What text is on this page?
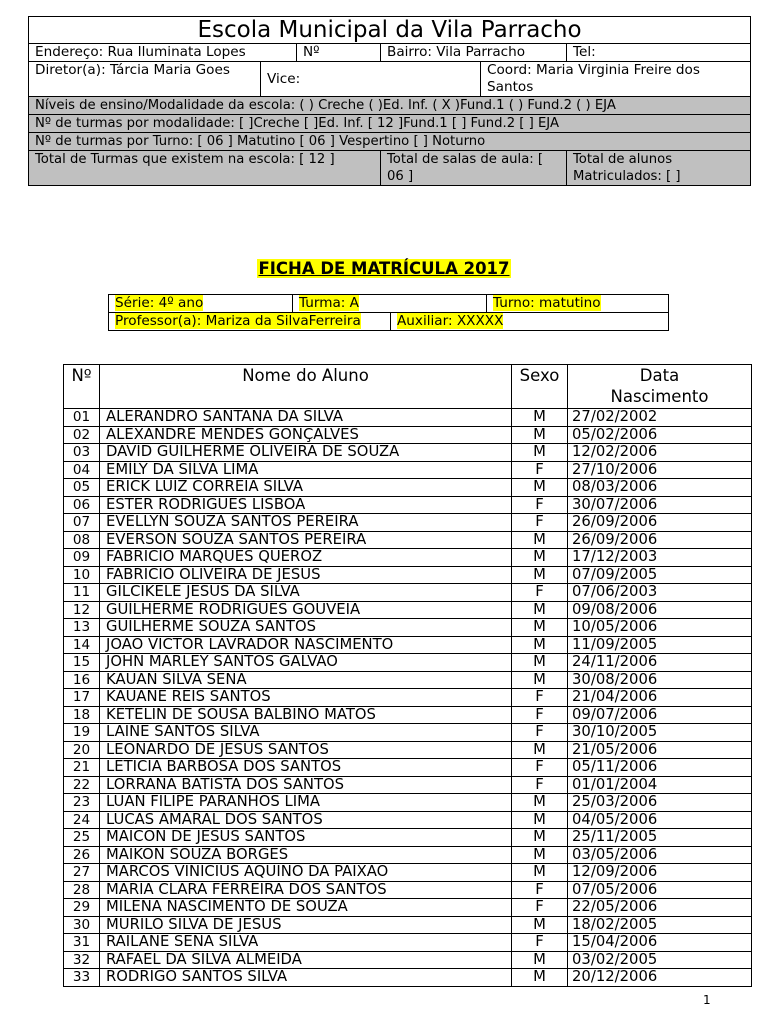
Escola Municipal da Vila Parracho					
Endereço: Rua Iluminata Lopes		Nº	Bairro: Vila Parracho		Tel:
Diretor(a): Tárcia Maria Goes	Vice:			Coord: Maria Virginia Freire dos Santos	
Níveis de ensino/Modalidade da escola: ( ) Creche ( )Ed. Inf. ( X )Fund.1 ( ) Fund.2 ( ) EJA					
Nº de turmas por modalidade: [ ]Creche [ ]Ed. Inf. [ 12 ]Fund.1 [ ] Fund.2 [ ] EJA					
Nº de turmas por Turno: [ 06 ] Matutino [ 06 ] Vespertino [ ] Noturno					
Total de Turmas que existem na escola: [ 12 ]			Total de salas de aula: [ 06 ]		Total de alunos Matriculados: [ ]
FICHA DE MATRÍCULA 2017
Série: 4º ano	Turma: A		Turno: matutino
Professor(a): Mariza da SilvaFerreira		Auxiliar: XXXXX	
Nº	Nome do Aluno	Sexo	Data Nascimento
01	ALERANDRO SANTANA DA SILVA	M	27/02/2002
02	ALEXANDRE MENDES GONÇALVES	M	05/02/2006
03	DAVID GUILHERME OLIVEIRA DE SOUZA	M	12/02/2006
04	EMILY DA SILVA LIMA	F	27/10/2006
05	ERICK LUIZ CORREIA SILVA	M	08/03/2006
06	ESTER RODRIGUES LISBOA	F	30/07/2006
07	EVELLYN SOUZA SANTOS PEREIRA	F	26/09/2006
08	EVERSON SOUZA SANTOS PEREIRA	M	26/09/2006
09	FABRICIO MARQUES QUEROZ	M	17/12/2003
10	FABRICIO OLIVEIRA DE JESUS	M	07/09/2005
11	GILCIKELE JESUS DA SILVA	F	07/06/2003
12	GUILHERME RODRIGUES GOUVEIA	M	09/08/2006
13	GUILHERME SOUZA SANTOS	M	10/05/2006
14	JOAO VICTOR LAVRADOR NASCIMENTO	M	11/09/2005
15	JOHN MARLEY SANTOS GALVAO	M	24/11/2006
16	KAUAN SILVA SENA	M	30/08/2006
17	KAUANE REIS SANTOS	F	21/04/2006
18	KETELIN DE SOUSA BALBINO MATOS	F	09/07/2006
19	LAINE SANTOS SILVA	F	30/10/2005
20	LEONARDO DE JESUS SANTOS	M	21/05/2006
21	LETICIA BARBOSA DOS SANTOS	F	05/11/2006
22	LORRANA BATISTA DOS SANTOS	F	01/01/2004
23	LUAN FILIPE PARANHOS LIMA	M	25/03/2006
24	LUCAS AMARAL DOS SANTOS	M	04/05/2006
25	MAICON DE JESUS SANTOS	M	25/11/2005
26	MAIKON SOUZA BORGES	M	03/05/2006
27	MARCOS VINICIUS AQUINO DA PAIXAO	M	12/09/2006
28	MARIA CLARA FERREIRA DOS SANTOS	F	07/05/2006
29	MILENA NASCIMENTO DE SOUZA	F	22/05/2006
30	MURILO SILVA DE JESUS	M	18/02/2005
31	RAILANE SENA SILVA	F	15/04/2006
32	RAFAEL DA SILVA ALMEIDA	M	03/02/2005
33	RODRIGO SANTOS SILVA	M	20/12/2006
1
